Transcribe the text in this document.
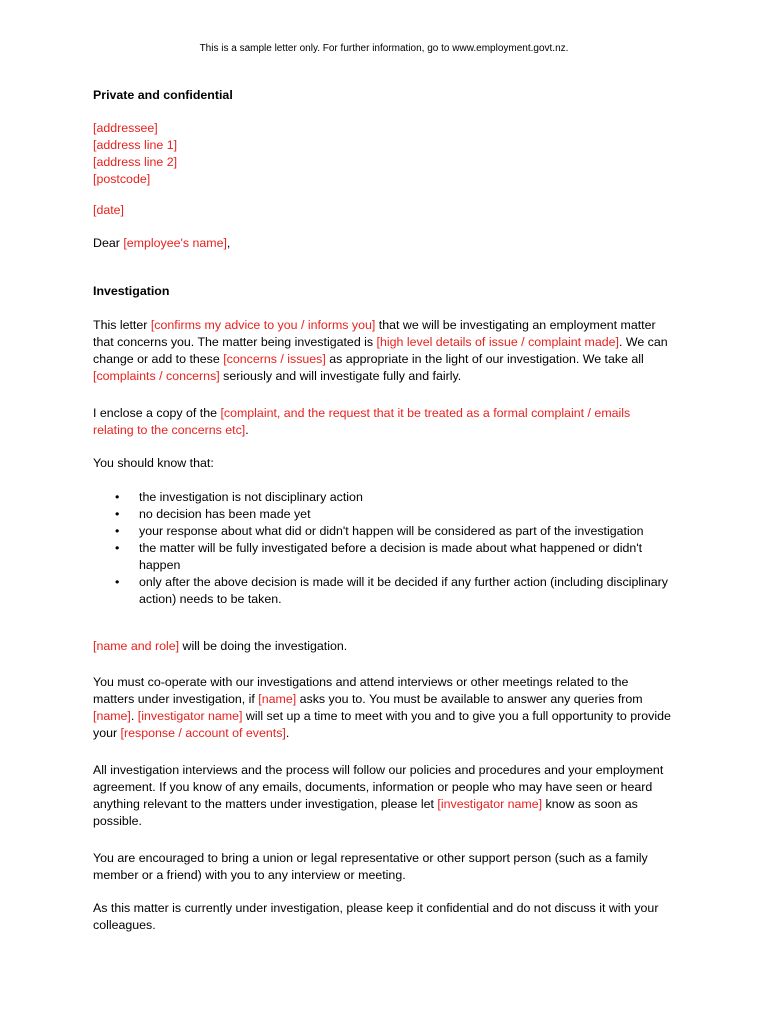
This is a sample letter only. For further information, go to www.employment.govt.nz.
Private and confidential
[addressee]
[address line 1]
[address line 2]
[postcode]
[date]
Dear [employee's name],
Investigation
This letter [confirms my advice to you / informs you] that we will be investigating an employment matter that concerns you. The matter being investigated is [high level details of issue / complaint made]. We can change or add to these [concerns / issues] as appropriate in the light of our investigation. We take all [complaints / concerns] seriously and will investigate fully and fairly.
I enclose a copy of the [complaint, and the request that it be treated as a formal complaint / emails relating to the concerns etc].
You should know that:
• the investigation is not disciplinary action
• no decision has been made yet
• your response about what did or didn't happen will be considered as part of the investigation
• the matter will be fully investigated before a decision is made about what happened or didn't happen
• only after the above decision is made will it be decided if any further action (including disciplinary action) needs to be taken.
[name and role] will be doing the investigation.
You must co-operate with our investigations and attend interviews or other meetings related to the matters under investigation, if [name] asks you to. You must be available to answer any queries from [name]. [investigator name] will set up a time to meet with you and to give you a full opportunity to provide your [response / account of events].
All investigation interviews and the process will follow our policies and procedures and your employment agreement. If you know of any emails, documents, information or people who may have seen or heard anything relevant to the matters under investigation, please let [investigator name] know as soon as possible.
You are encouraged to bring a union or legal representative or other support person (such as a family member or a friend) with you to any interview or meeting.
As this matter is currently under investigation, please keep it confidential and do not discuss it with your colleagues.
